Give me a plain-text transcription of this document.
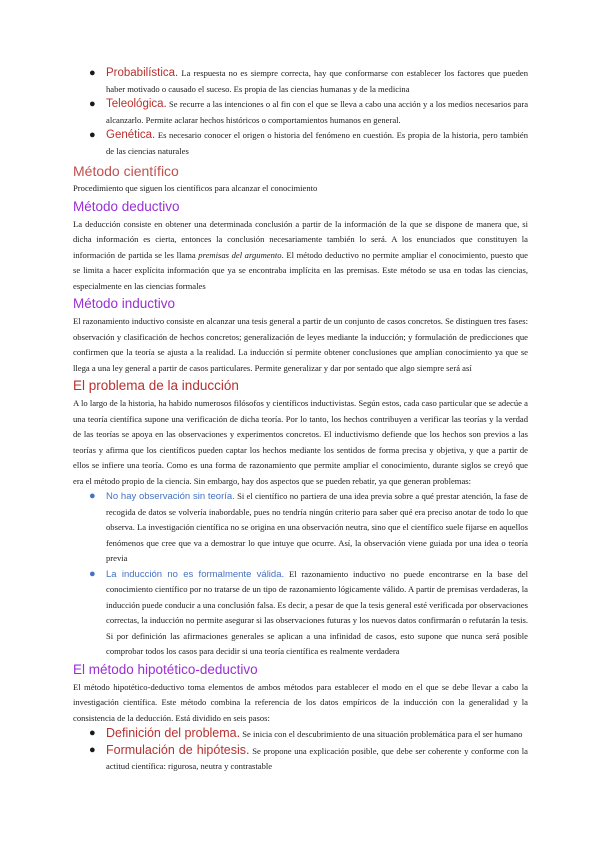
● Probabilística. La respuesta no es siempre correcta, hay que conformarse con establecer los factores que pueden haber motivado o causado el suceso. Es propia de las ciencias humanas y de la medicina
● Teleológica. Se recurre a las intenciones o al fin con el que se lleva a cabo una acción y a los medios necesarios para alcanzarlo. Permite aclarar hechos históricos o comportamientos humanos en general.
● Genética. Es necesario conocer el origen o historia del fenómeno en cuestión. Es propia de la historia, pero también de las ciencias naturales
Método científico

Procedimiento que siguen los científicos para alcanzar el conocimiento

Método deductivo

La deducción consiste en obtener una determinada conclusión a partir de la información de la que se dispone de manera que, si dicha información es cierta, entonces la conclusión necesariamente también lo será. A los enunciados que constituyen la información de partida se les llama premisas del argumento. El método deductivo no permite ampliar el conocimiento, puesto que se limita a hacer explícita información que ya se encontraba implícita en las premisas. Este método se usa en todas las ciencias, especialmente en las ciencias formales

Método inductivo

El razonamiento inductivo consiste en alcanzar una tesis general a partir de un conjunto de casos concretos. Se distinguen tres fases: observación y clasificación de hechos concretos; generalización de leyes mediante la inducción; y formulación de predicciones que confirmen que la teoría se ajusta a la realidad. La inducción sí permite obtener conclusiones que amplían conocimiento ya que se llega a una ley general a partir de casos particulares. Permite generalizar y dar por sentado que algo siempre será así

El problema de la inducción

A lo largo de la historia, ha habido numerosos filósofos y científicos inductivistas. Según estos, cada caso particular que se adecúe a una teoría científica supone una verificación de dicha teoría. Por lo tanto, los hechos contribuyen a verificar las teorías y la verdad de las teorías se apoya en las observaciones y experimentos concretos. El inductivismo defiende que los hechos son previos a las teorías y afirma que los científicos pueden captar los hechos mediante los sentidos de forma precisa y objetiva, y que a partir de ellos se infiere una teoría. Como es una forma de razonamiento que permite ampliar el conocimiento, durante siglos se creyó que era el método propio de la ciencia. Sin embargo, hay dos aspectos que se pueden rebatir, ya que generan problemas:

● No hay observación sin teoría. Si el científico no partiera de una idea previa sobre a qué prestar atención, la fase de recogida de datos se volvería inabordable, pues no tendría ningún criterio para saber qué era preciso anotar de todo lo que observa. La investigación científica no se origina en una observación neutra, sino que el científico suele fijarse en aquellos fenómenos que cree que va a demostrar lo que intuye que ocurre. Así, la observación viene guiada por una idea o teoría previa
● La inducción no es formalmente válida. El razonamiento inductivo no puede encontrarse en la base del conocimiento científico por no tratarse de un tipo de razonamiento lógicamente válido. A partir de premisas verdaderas, la inducción puede conducir a una conclusión falsa. Es decir, a pesar de que la tesis general esté verificada por observaciones correctas, la inducción no permite asegurar si las observaciones futuras y los nuevos datos confirmarán o refutarán la tesis. Si por definición las afirmaciones generales se aplican a una infinidad de casos, esto supone que nunca será posible comprobar todos los casos para decidir si una teoría científica es realmente verdadera
El método hipotético-deductivo

El método hipotético-deductivo toma elementos de ambos métodos para establecer el modo en el que se debe llevar a cabo la investigación científica. Este método combina la referencia de los datos empíricos de la inducción con la generalidad y la consistencia de la deducción. Está dividido en seis pasos:

● Definición del problema. Se inicia con el descubrimiento de una situación problemática para el ser humano
● Formulación de hipótesis. Se propone una explicación posible, que debe ser coherente y conforme con la actitud científica: rigurosa, neutra y contrastable
